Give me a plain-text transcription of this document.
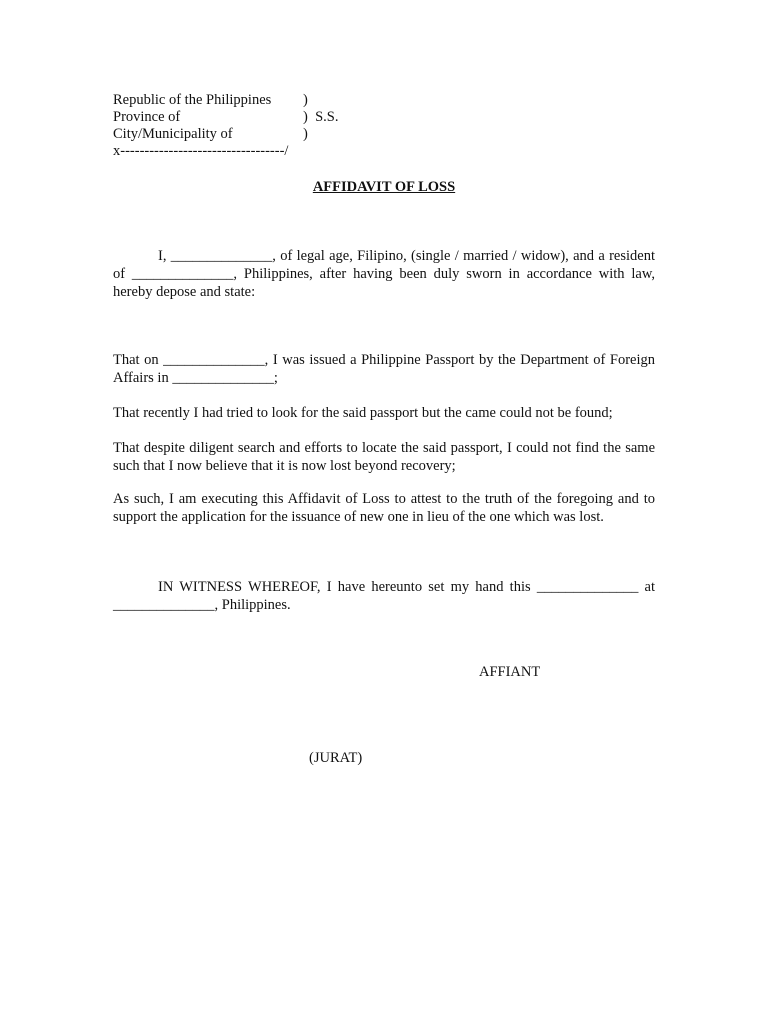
Republic of the Philippines )
Province of	)  S.S.
City/Municipality of	)
x----------------------------------/
AFFIDAVIT OF LOSS
I, ______________, of legal age, Filipino, (single / married / widow), and a resident of ______________, Philippines, after having been duly sworn in accordance with law, hereby depose and state:
That on ______________, I was issued a Philippine Passport by the Department of Foreign Affairs in ______________;
That recently I had tried to look for the said passport but the came could not be found;
That despite diligent search and efforts to locate the said passport, I could not find the same such that I now believe that it is now lost beyond recovery;
As such, I am executing this Affidavit of Loss to attest to the truth of the foregoing and to support the application for the issuance of new one in lieu of the one which was lost.
IN WITNESS WHEREOF, I have hereunto set my hand this ______________ at ______________, Philippines.
AFFIANT
(JURAT)
